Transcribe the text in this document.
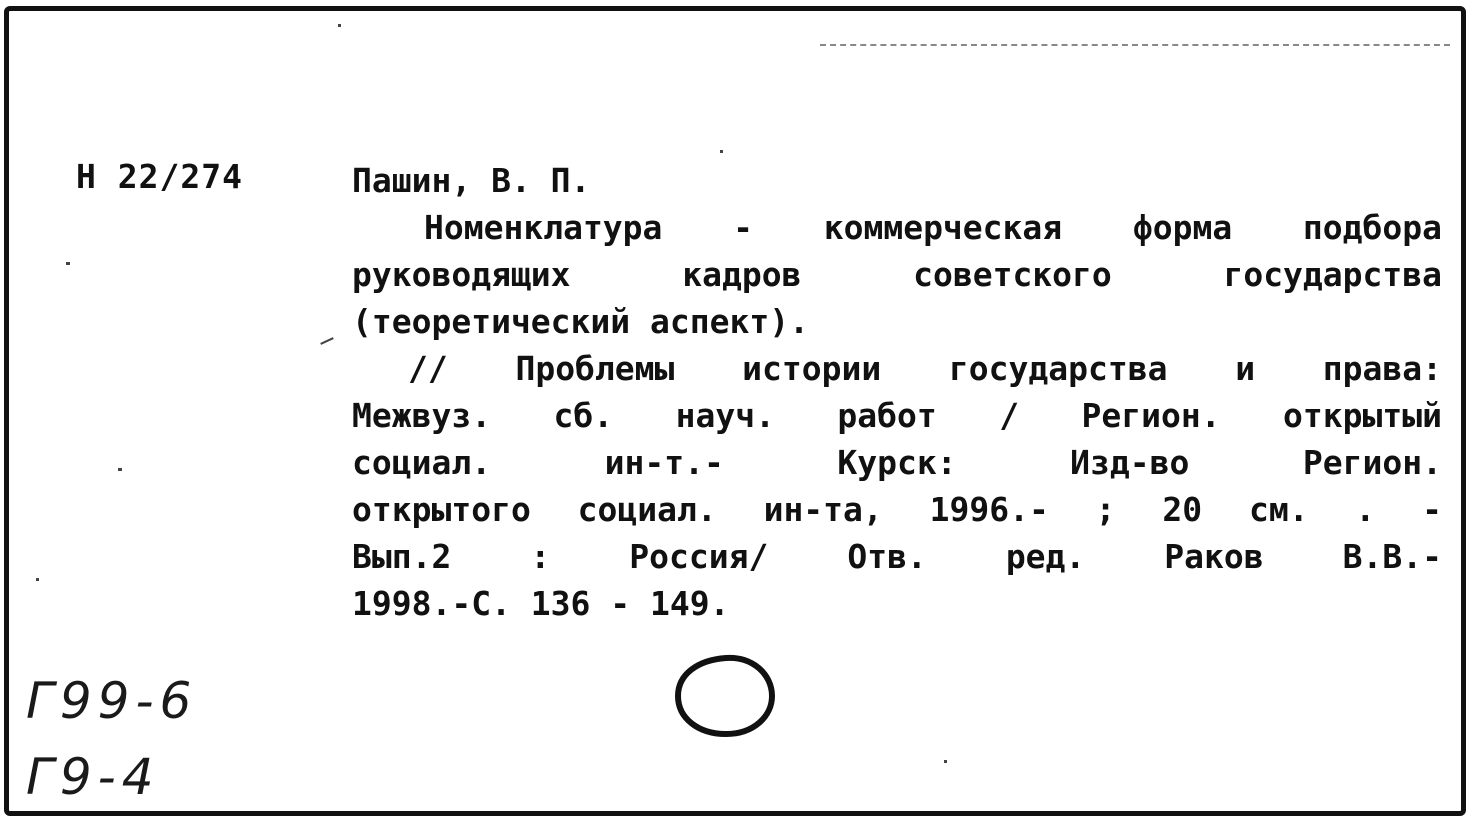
Н 22/274	Пашин, В. П.
Номенклатура - коммерческая форма подбора
руководящих кадров советского государства
(теоретический аспект).
// Проблемы истории государства и права:
Межвуз. сб. науч. работ / Регион. открытый
социал. ин-т.- Курск: Изд-во Регион.
открытого социал. ин-та, 1996.- ; 20 см. . -
Вып.2 : Россия/ Отв. ред. Раков В.В.-
1998.-С. 136 - 149.
Г99-6
Г9-4
